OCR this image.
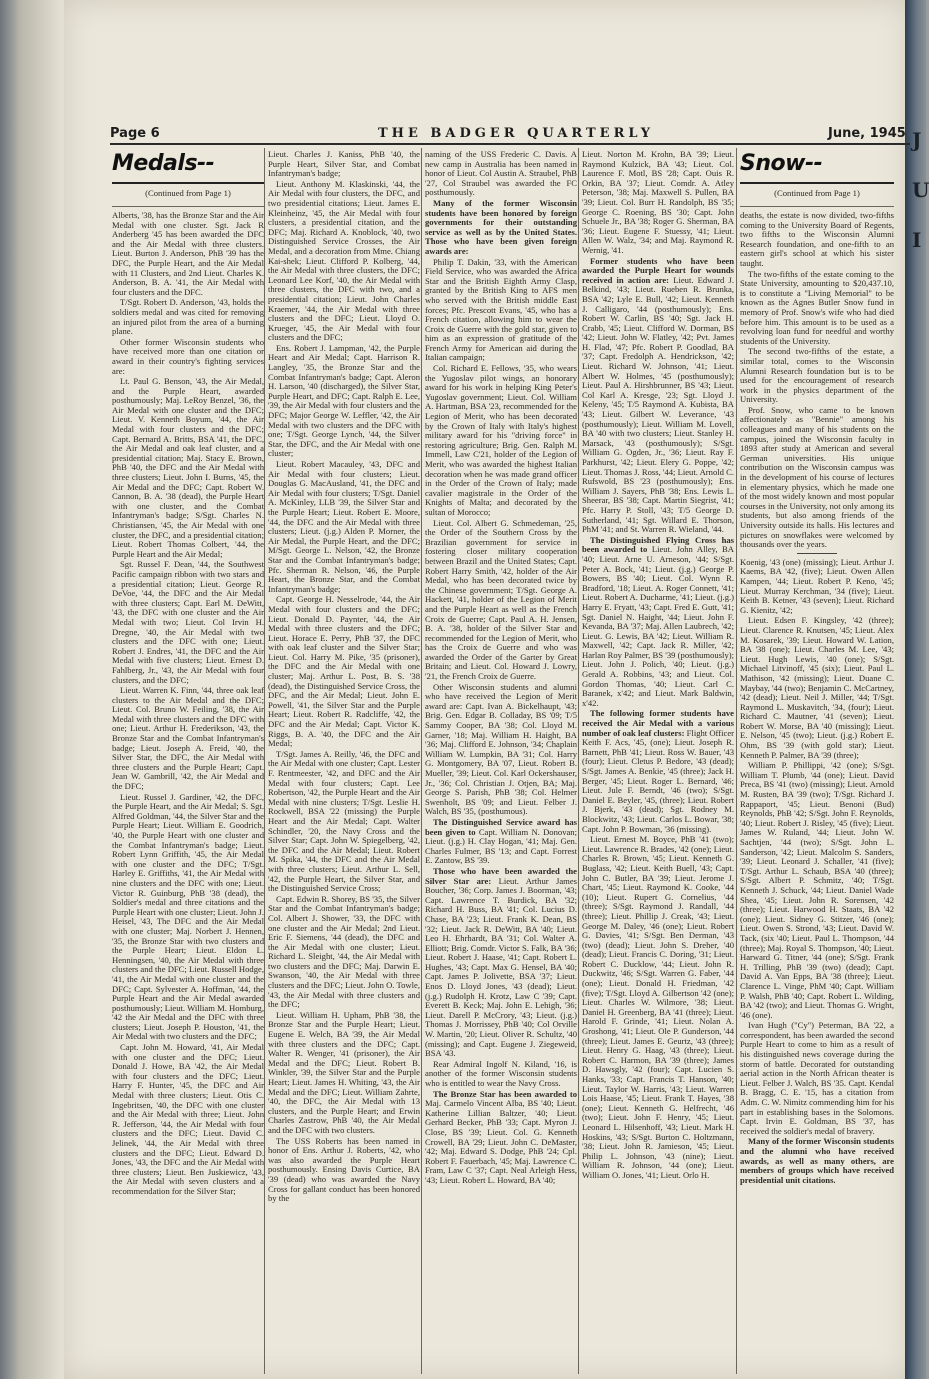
J U I
Page 6	THE BADGER QUARTERLY	June, 1945
Medals--
(Continued from Page 1)

Alberts, '38, has the Bronze Star and the Air Medal with one cluster. Sgt. Jack R Anderberg '45 has been awarded the DFC and the Air Medal with three clusters. Lieut. Burton J. Anderson, PhB '39 has the DFC, the Purple Heart, and the Air Medal with 11 Clusters, and 2nd Lieut. Charles K. Anderson, B. A. '41, the Air Medal with four clusters and the DFC.

T/Sgt. Robert D. Anderson, '43, holds the soldiers medal and was cited for removing an injured pilot from the area of a burning plane.

Other former Wisconsin students who have received more than one citation or award in their country's fighting services are:

Lt. Paul G. Benson, '43, the Air Medal, and the Purple Heart, awarded posthumously; Maj. LeRoy Benzel, '36, the Air Medal with one cluster and the DFC; Lieut. V. Kenneth Boyum, '44, the Air Medal with four clusters and the DFC; Capt. Bernard A. Britts, BSA '41, the DFC, the Air Medal and oak leaf cluster, and a presidential citation; Maj. Stacy E. Brown, PhB '40, the DFC and the Air Medal with three clusters; Lieut. John I. Burns, '45, the Air Medal and the DFC; Capt. Robert W. Cannon, B. A. '38 (dead), the Purple Heart with one cluster, and the Combat Infantryman's badge; S/Sgt. Charles N. Christiansen, '45, the Air Medal with one cluster, the DFC, and a presidential citation; Lieut. Robert Thomas Colbert, '44, the Purple Heart and the Air Medal;

Sgt. Russel F. Dean, '44, the Southwest Pacific campaign ribbon with two stars and a presidential citation; Lieut. George R. DeVoe, '44, the DFC and the Air Medal with three clusters; Capt. Earl M. DeWitt, '43, the DFC with one cluster and the Air Medal with two; Lieut. Col Irvin H. Dregne, '40, the Air Medal with two clusters and the DFC with one; Lieut. Robert J. Endres, '41, the DFC and the Air Medal with five clusters; Lieut. Ernest D. Fahlberg, Jr., '43, the Air Medal with four clusters, and the DFC;

Lieut. Warren K. Finn, '44, three oak leaf clusters to the Air Medal and the DFC; Lieut. Col. Bruno W. Feiling, '38, the Air Medal with three clusters and the DFC with one; Lieut. Arthur H. Frederikson, '43, the Bronze Star and the Combat Infantryman's badge; Lieut. Joseph A. Freid, '40, the Silver Star, the DFC, the Air Medal with three clusters and the Purple Heart; Capt. Jean W. Gambrill, '42, the Air Medal and the DFC;

Lieut. Russel J. Gardiner, '42, the DFC, the Purple Heart, and the Air Medal; S. Sgt. Alfred Goldman, '44, the Silver Star and the Purple Heart; Lieut. William E. Goodrich, '40, the Purple Heart with one cluster and the Combat Infantryman's badge; Lieut. Robert Lynn Griffith, '45, the Air Medal with one cluster and the DFC; T/Sgt. Harley E. Griffiths, '41, the Air Medal with nine clusters and the DFC with one; Lieut. Victor R. Guinburg, PhB '38 (dead), the Soldier's medal and three citations and the Purple Heart with one cluster; Lieut. John J. Heisel, '43, The DFC and the Air Medal with one cluster; Maj. Norbert J. Hennen, '35, the Bronze Star with two clusters and the Purple Heart; Lieut. Eldon L. Henningsen, '40, the Air Medal with three clusters and the DFC; Lieut. Russell Hodge, '41, the Air Medal with one cluster and the DFC; Capt. Sylvester A. Hoffman, '44, the Purple Heart and the Air Medal awarded posthumously; Lieut. William M. Homburg, '42 the Air Medal and the DFC with three clusters; Lieut. Joseph P. Houston, '41, the Air Medal with two clusters and the DFC;

Capt. John M. Howard, '41, Air Medal with one cluster and the DFC; Lieut. Donald J. Howe, BA '42, the Air Medal with four clusters and the DFC; Lieut. Harry F. Hunter, '45, the DFC and Air Medal with three clusters; Lieut. Otis C. Ingebritsen, '40, the DFC with one cluster and the Air Medal with three; Lieut. John R. Jefferson, '44, the Air Medal with four clusters and the DFC; Lieut. David C. Jelinek, '44, the Air Medal with three clusters and the DFC; Lieut. Edward D. Jones, '43, the DFC and the Air Medal with three clusters; Lieut. Ben Juskiewicz, '43, the Air Medal with seven clusters and a recommendation for the Silver Star;

Lieut. Charles J. Kaniss, PhB '40, the Purple Heart, Silver Star, and Combat Infantryman's badge;

Lieut. Anthony M. Klaskinski, '44, the Air Medal with four clusters, the DFC, and two presidential citations; Lieut. James E. Kleinheinz, '45, the Air Medal with four clusters, a presidential citation, and the DFC; Maj. Richard A. Knoblock, '40, two Distinguished Service Crosses, the Air Medal, and a decoration from Mme. Chiang Kai-shek; Lieut. Clifford P. Kolberg, '44, the Air Medal with three clusters, the DFC; Leonard Lee Korf, '40, the Air Medal with three clusters, the DFC with two, and a presidential citation; Lieut. John Charles Kraemer, '44, the Air Medal with three clusters and the DFC; Lieut. Lloyd O. Krueger, '45, the Air Medal with four clusters and the DFC;

Ens. Robert J. Lampman, '42, the Purple Heart and Air Medal; Capt. Harrison R. Langley, '35, the Bronze Star and the Combat Infantryman's badge; Capt. Aleron H. Larson, '40 (discharged), the Silver Star, Purple Heart, and DFC; Capt. Ralph E. Lee, '39, the Air Medal with four clusters and the DFC; Major George W. Leffler, '42, the Air Medal with two clusters and the DFC with one; T/Sgt. George Lynch, '44, the Silver Star, the DFC, and the Air Medal with one cluster;

Lieut. Robert Macauley, '43, DFC and Air Medal with four clusters; Lieut. Douglas G. MacAusland, '41, the DFC and Air Medal with four clusters; T/Sgt. Daniel A. McKinley, LLB '39, the Silver Star and the Purple Heart; Lieut. Robert E. Moore, '44, the DFC and the Air Medal with three clusters; Lieut. (j.g.) Alden P. Morner, the Air Medal, the Purple Heart, and the DFC; M/Sgt. George L. Nelson, '42, the Bronze Star and the Combat Infantryman's badge; Pfc. Sherman R. Nelson, '46, the Purple Heart, the Bronze Star, and the Combat Infantryman's badge;

Capt. George H. Nesselrode, '44, the Air Medal with four clusters and the DFC; Lieut. Donald D. Paynter, '44, the Air Medal with three clusters and the DFC; Lieut. Horace E. Perry, PhB '37, the DFC with oak leaf cluster and the Silver Star; Lieut. Col. Harry M. Pike, '35 (prisoner), the DFC and the Air Medal with one cluster; Maj. Arthur L. Post, B. S. '38 (dead), the Distinguished Service Cross, the DFC, and the Air Medal; Lieut. John E. Powell, '41, the Silver Star and the Purple Heart; Lieut. Robert R. Radcliffe, '42, the DFC and the Air Medal; Capt. Victor K. Riggs, B. A. '40, the DFC and the Air Medal;

T/Sgt. James A. Reilly, '46, the DFC and the Air Medal with one cluster; Capt. Lester F. Rentmeester, '42, and DFC and the Air Medal with four clusters; Capt. Lee Robertson, '42, the Purple Heart and the Air Medal with nine clusters; T/Sgt. Leslie H. Rockwell, BSA '22 (missing) the Purple Heart and the Air Medal; Capt. Walter Schindler, '20, the Navy Cross and the Silver Star; Capt. John W. Spiegelberg, '42, the DFC and the Air Medal; Lieut. Robert M. Spika, '44, the DFC and the Air Medal with three clusters; Lieut. Arthur L. Sell, '42, the Purple Heart, the Silver Star, and the Distinguished Service Cross;

Capt. Edwin R. Shorey, BS '35, the Silver Star and the Combat Infantryman's badge; Col. Albert J. Shower, '33, the DFC with one cluster and the Air Medal; 2nd Lieut. Eric F. Siemens, '44 (dead), the DFC and the Air Medal with one cluster; Lieut. Richard L. Sleight, '44, the Air Medal with two clusters and the DFC; Maj. Darwin E. Swanson, '40, the Air Medal with three clusters and the DFC; Lieut. John O. Towle, '43, the Air Medal with three clusters and the DFC;

Lieut. William H. Upham, PhB '38, the Bronze Star and the Purple Heart; Lieut. Eugene E. Welch, BA '39, the Air Medal with three clusters and the DFC; Capt. Walter R. Wenger, '41 (prisoner), the Air Medal and the DFC; Lieut. Robert B. Winkler, '39, the Silver Star and the Purple Heart; Lieut. James H. Whiting, '43, the Air Medal and the DFC; Lieut. William Zahrte, '40, the DFC, the Air Medal with 13 clusters, and the Purple Heart; and Erwin Charles Zastrow, PhB '40, the Air Medal and the DFC with two clusters.

The USS Roberts has been named in honor of Ens. Arthur J. Roberts, '42, who was also awarded the Purple Heart posthumously. Ensing Davis Curtice, BA '39 (dead) who was awarded the Navy Cross for gallant conduct has been honored by the

naming of the USS Frederic C. Davis. A new camp in Australia has been named in honor of Lieut. Col Austin A. Straubel, PhB '27, Col Straubel was awarded the FC posthumously.

Many of the former Wisconsin students have been honored by foreign governments for their outstanding service as well as by the United States. Those who have been given foreign awards are:

Philip T. Dakin, '33, with the American Field Service, who was awarded the Africa Star and the British Eighth Army Clasp, granted by the British King to AFS men who served with the British middle East forces; Pfc. Prescott Evans, '45, who has a French citation, allowing him to wear the Croix de Guerre with the gold star, given to him as an expression of gratitude of the French Army for American aid during the Italian campaign;

Col. Richard E. Fellows, '35, who wears the Yugoslav pilot wings, an honorary award for his work in helping King Peter's Yugoslav government; Lieut. Col. William A. Hartman, BSA '23, recommended for the Legion of Merit, who has been decorated by the Crown of Italy with Italy's highest military award for his "driving force" in restoring agriculture; Brig. Gen. Ralph M. Immell, Law C'21, holder of the Legion of Merit, who was awarded the highest Italian decoration when he was made grand officer in the Order of the Crown of Italy; made cavalier magistrale in the Order of the Knights of Malta; and decorated by the sultan of Morocco;

Lieut. Col. Albert G. Schmedeman, '25, the Order of the Southern Cross by the Brazilian government for service in fostering closer military cooperation between Brazil and the United States; Capt. Robert Harry Smith, '42, holder of the Air Medal, who has been decorated twice by the Chinese government; T/Sgt. George A. Hackett, '41, holder of the Legion of Merit and the Purple Heart as well as the French Croix de Guerre; Capt. Paul A. H. Jensen, B. A. '38, holder of the Silver Star and recommended for the Legion of Merit, who has the Croix de Guerre and who was awarded the Order of the Garter by Great Britain; and Lieut. Col. Howard J. Lowry, '21, the French Croix de Guerre.

Other Wisconsin students and alumni who have received the Legion of Merit award are: Capt. Ivan A. Bickelhaupt, '43; Brig. Gen. Edgar B. Colladay, BS '09; T/5 Sammy Cooper, BA '38; Col. Lloyd M. Garner, '18; Maj. William H. Haight, BA '36; Maj. Clifford E. Johnson, '34; Chaplain William W. Lumpkin, BA '31; Col. Harry G. Montgomery, BA '07, Lieut. Robert B. Mueller, '39; Lieut. Col. Karl Ockershauser, Jr., '36; Col. Christian J. Otjen, BA; Maj. George S. Parish, PhB '38; Col. Helmer Swenholt, BS '09; and Lieut. Felber J. Walch, BS '35, (posthumous).

The Distinguished Service award has been given to Capt. William N. Donovan; Lieut. (j.g.) H. Clay Hogan, '41; Maj. Gen. Charles Fulmer, BS '13; and Capt. Forrest E. Zantow, BS '39.

Those who have been awarded the Silver Star are: Lieut. Arthur James Boucher, '36; Corp. James J. Boorman, '43; Capt. Lawrence T. Burdick, BA '32; Richard H. Buss, BA '41; Col. Lucius D. Chase, BA '23; Lieut. Frank K. Dean, BS '32; Lieut. Jack R. DeWitt, BA '40; Lieut. Leo H. Ehrhardt, BA '31; Col. Walter A. Elliott; Brig. Comdr. Victor S. Falk, BA '36; Lieut. Robert J. Haase, '41; Capt. Robert L. Hughes, '43; Capt. Max G. Hensel, BA '40; Capt. James P. Jolivette, BSA '37; Lieut. Enos D. Lloyd Jones, '43 (dead); Lieut. (j.g.) Rudolph H. Krotz, Law C '39; Capt. Everett B. Keck; Maj. John E. Lehigh, '36; Lieut. Darell P. McCrory, '43; Lieut. (j.g.) Thomas J. Morrissey, PhB '40; Col Orville W. Martin, '20; Lieut. Oliver R. Schultz, '40 (missing); and Capt. Eugene J. Ziegeweid, BSA '43.

Rear Admiral Ingolf N. Kiland, '16, is another of the former Wisconsin students who is entitled to wear the Navy Cross.

The Bronze Star has been awarded to Maj. Carmelo Vincent Alba, BS '40; Lieut. Katherine Lillian Baltzer, '40; Lieut. Gerhard Becker, PhB '33; Capt. Myron J. Close, BS '39; Lieut. Col. G. Kenneth Crowell, BA '29; Lieut. John C. DeMaster, '42; Maj. Edward S. Dodge, PhB '24; Cpl. Robert F. Fauerbach, '45; Maj. Lawrence C. Fram, Law C '37; Capt. Neal Arleigh Hess, '43; Lieut. Robert L. Howard, BA '40;

Lieut. Norton M. Krohn, BA '39; Lieut. Raymond Kulzick, BA '43; Lieut. Col. Laurence F. Motl, BS '28; Capt. Ouis R. Orkin, BA '37; Lieut. Comdr. A. Atley Peterson, '38; Maj. Maxwell S. Pullen, BA '39; Lieut. Col. Burr H. Randolph, BS '35; George C. Roening, BS '30; Capt. John Schuele Jr., BA '38; Roger G. Sherman, BA '36; Lieut. Eugene F. Stuessy, '41; Lieut. Allen W. Walz, '34; and Maj. Raymond R. Wernig, '41.

Former students who have been awarded the Purple Heart for wounds received in action are: Lieut. Edward J. Belkind, '43; Lieut. Rueben R. Brunka, BSA '42; Lyle E. Bull, '42; Lieut. Kenneth J. Calligaro, '44 (posthumously); Ens. Robert W. Carlin, BS '40; Sgt. Jack H. Crabb, '45; Lieut. Clifford W. Dorman, BS '42; Lieut. John W. Flatley, '42; Pvt. James H. Flad, '47; Pfc. Robert P. Goodlad, BA '37; Capt. Fredolph A. Hendrickson, '42; Lieut. Richard W. Johnson, '41; Lieut. Albert W. Holmes, '45 (posthumously); Lieut. Paul A. Hirshbrunner, BS '43; Lieut. Col Karl A. Kresge, '23; Sgt. Lloyd J. Keleny, '45; T/5 Raymond A. Kubista, BA '43; Lieut. Gilbert W. Leverance, '43 (posthumously); Lieut. William M. Lovell, BA '40 with two clusters; Lieut. Stanley H. Marsack, '43 (posthumously); S/Sgt. William G. Ogden, Jr., '36; Lieut. Ray F. Parkhurst, '42; Lieut. Elery G. Poppe, '42; Lieut. Thomas J. Ross, '44; Lieut. Arnold C. Rufswold, BS '23 (posthumously); Ens. William J. Sayers, PhB '38; Ens. Lewis L. Sheerar, BS '38; Capt. Martin Siegrist, '41; Pfc. Harry P. Stoll, '43; T/5 George D. Sutherland, '41; Sgt. Willard E. Thorson, PhM '41; and St. Warren R. Wieland, '44.

The Distinguished Flying Cross has been awarded to Lieut. John Alley, BA '40; Lieut. Arne U. Arneson, '44; S/Sgt. Peter A. Bock, '41; Lieut. (j.g.) George P. Bowers, BS '40; Lieut. Col. Wynn R. Bradford, '18; Lieut. A. Roger Connett, '41; Lieut. Robert A. Ducharme, '41; Lieut. (j.g.) Harry E. Fryatt, '43; Capt. Fred E. Gutt, '41; Sgt. Daniel N. Haight, '44; Lieut. John F. Kevanda, BA '37; Maj. Allen Laubrech, '42; Lieut. G. Lewis, BA '42; Lieut. William R. Maxwell, '42; Capt. Jack R. Miller, '42; Harlan Roy Palmer, BS '39 (posthumously); Lieut. John J. Polich, '40; Lieut. (j.g.) Gerald A. Robbins, '43; and Lieut. Col. Gordon Thomas, '40; Lieut. Carl C. Baranek, x'42; and Lieut. Mark Baldwin, x'42.

The following former students have received the Air Medal with a various number of oak leaf clusters: Flight Officer Keith F. Acs, '45, (one); Lieut. Joseph R. Barnett, PhB '41; Lieut. Ross W. Bauer, '43 (four); Lieut. Cletus P. Bedore, '43 (dead); S/Sgt. James A. Benkie, '45 (three); Jack H. Berger, '45; Lieut. Roger L. Bernard, '46; Lieut. Jule F. Berndt, '46 (two); S/Sgt. Daniel E. Beyler, '45, (three); Lieut. Robert J. Bjerk, '43 (dead); Sgt. Rodney M. Blockwitz, '43; Lieut. Carlos L. Bowar, '38; Capt. John P. Bowman, '36 (missing).

Lieut. Ernest M. Boyce, PhB '41 (two); Lieut. Lawrence R. Brades, '42 (one); Lieut. Charles R. Brown, '45; Lieut. Kenneth G. Buglass, '42; Lieut. Keith Buell, '43; Capt. John C. Butler, BA '39; Lieut. Jerome J. Chart, '45; Lieut. Raymond K. Cooke, '44 (10); Lieut. Rupert G. Cornelius, '44 (three); S/Sgt. Raymond J. Randall, '44 (three); Lieut. Phillip J. Creak, '43; Lieut. George M. Daley, '46 (one); Lieut. Robert G. Davies, '41; S/Sgt. Ben Derman, '43 (two) (dead); Lieut. John S. Dreher, '40 (dead); Lieut. Francis C. Doring, '31; Lieut. Robert C. Ducklow, '44; Lieut. John R. Duckwitz, '46; S/Sgt. Warren G. Faber, '44 (one); Lieut. Donald H. Friedman, '42 (five); T/Sgt. Lloyd A. Gilbertson '42 (one); Lieut. Charles W. Wilmore, '38; Lieut. Daniel H. Greenberg, BA '41 (three); Lieut. Harold F. Grinde, '41; Lieut. Nolan A. Groshong, '41; Lieut. Ole P. Gunderson, '44 (three); Lieut. James E. Geurtz, '43 (three); Lieut. Henry G. Haag, '43 (three); Lieut. Robert C. Harmon, BA '39 (three); James D. Hawsgly, '42 (four); Capt. Lucien S. Hanks, '33; Capt. Francis T. Hanson, '40; Lieut. Taylor W. Harris, '43; Lieut. Warren Lois Haase, '45; Lieut. Frank T. Hayes, '38 (one); Lieut. Kenneth G. Helfrecht, '46 (two); Lieut. John F. Henry, '45; Lieut. Leonard L. Hilsenhoff, '43; Lieut. Mark H. Hoskins, '43; S/Sgt. Burton C. Holtzmann, '38; Lieut. John R. Jamieson, '45; Lieut. Philip L. Johnson, '43 (nine); Lieut. William R. Johnson, '44 (one); Lieut. William O. Jones, '41; Lieut. Orlo H.

Snow--
(Continued from Page 1)

deaths, the estate is now divided, two-fifths coming to the University Board of Regents, two fifths to the Wisconsin Alumni Research foundation, and one-fifth to an eastern girl's school at which his sister taught.

The two-fifths of the estate coming to the State University, amounting to $20,437.10, is to constitute a "Living Memorial" to be known as the Agnes Butler Snow fund in memory of Prof. Snow's wife who had died before him. This amount is to be used as a revolving loan fund for needful and worthy students of the University.

The second two-fifths of the estate, a similar total, comes to the Wisconsin Alumni Research foundation but is to be used for the encouragement of research work in the physics department of the University.

Prof. Snow, who came to be known affectionately as "Bennie" among his colleagues and many of his students on the campus, joined the Wisconsin faculty in 1893 after study at American and several German universities. His unique contribution on the Wisconsin campus was in the development of his course of lectures in elementary physics, which he made one of the most widely known and most popular courses in the University, not only among its students, but also among friends of the University outside its halls. His lectures and pictures on snowflakes were welcomed by thousands over the years.

Koenig, '43 (one) (missing); Lieut. Arthur J. Kaems, BA '42, (five); Lieut. Owen Allen Kampen, '44; Lieut. Robert P. Keno, '45; Lieut. Murray Kerchman, '34 (five); Lieut. Keith B. Ketner, '43 (seven); Lieut. Richard G. Kienitz, '42;

Lieut. Edsen F. Kingsley, '42 (three); Lieut. Clarence R. Knutsen, '45; Lieut. Alex M. Kosarek, '39; Lieut. Howard W. Lation, BA '38 (one); Lieut. Charles M. Lee, '43; Lieut. Hugh Lewis, '40 (one); S/Sgt. Michael Litvinoff, '45 (six); Lieut. Paul L. Mathison, '42 (missing); Lieut. Duane C. Maybay, '44 (two); Benjamin C. McCartney, '42 (dead); Lieut. Neil J. Miller, '44; T/Sgt. Raymond L. Muskavitch, '34, (four); Lieut. Richard C. Mautner, '41 (seven); Lieut. Robert W. Morse, BA '40 (missing); Lieut. E. Nelson, '45 (two); Lieut. (j.g.) Robert E. Ohm, BS '39 (with gold star); Lieut. Kenneth P. Palmer, BA '39 (three);

William P. Phillippi, '42 (one); S/Sgt. William T. Plumb, '44 (one); Lieut. David Preca, BS '41 (two) (missing); Lieut. Arnold M. Rusten, BA '39 (two); T/Sgt. Richard J. Rappaport, '45; Lieut. Benoni (Bud) Reynolds, PhB '42; S/Sgt. John F. Reynolds, '40; Lieut. Robert J. Risley, '45 (five); Lieut. James W. Ruland, '44; Lieut. John W. Sachtjen, '44 (two); S/Sgt. John L. Sanderson, '42; Lieut. Malcolm S. Sanders, '39; Lieut. Leonard J. Schaller, '41 (five); T/Sgt. Arthur L. Schaub, BSA '40 (three); S/Sgt. Albert P. Schmitz, '40; T/Sgt. Kenneth J. Schuck, '44; Lieut. Daniel Wade Shea, '45; Lieut. John R. Sorensen, '42 (three); Lieut. Harwood H. Staats, BA '42 (one); Lieut. Sidney G. Stitzer, '46 (one); Lieut. Owen S. Strond, '43; Lieut. David W. Tack, (six '40; Lieut. Paul L. Thompson, '44 (three); Maj. Royal S. Thompson, '40; Lieut. Harward G. Titner, '44 (one); S/Sgt. Frank H. Trilling, PhB '39 (two) (dead); Capt. David A. Van Epps, BA '38 (three); Lieut. Clarence L. Vinge, PhM '40; Capt. William P. Walsh, PhB '40; Capt. Robert L. Wilding, BA '42 (two); and Lieut. Thomas G. Wright, '46 (one).

Ivan Hugh ("Cy") Peterman, BA '22, a correspondent, has been awarded the second Purple Heart to come to him as a result of his distinguished news coverage during the storm of battle. Decorated for outstanding aerial action in the North African theater is Lieut. Felber J. Walch, BS '35. Capt. Kendal B. Bragg, C. E. '15, has a citation from Adm. C. W. Nimitz commending him for his part in establishing bases in the Solomons. Capt. Irvin E. Goldman, BS '37, has received the soldier's medal of bravery.

Many of the former Wisconsin students and the alumni who have received awards, as well as many others, are members of groups which have received presidential unit citations.
